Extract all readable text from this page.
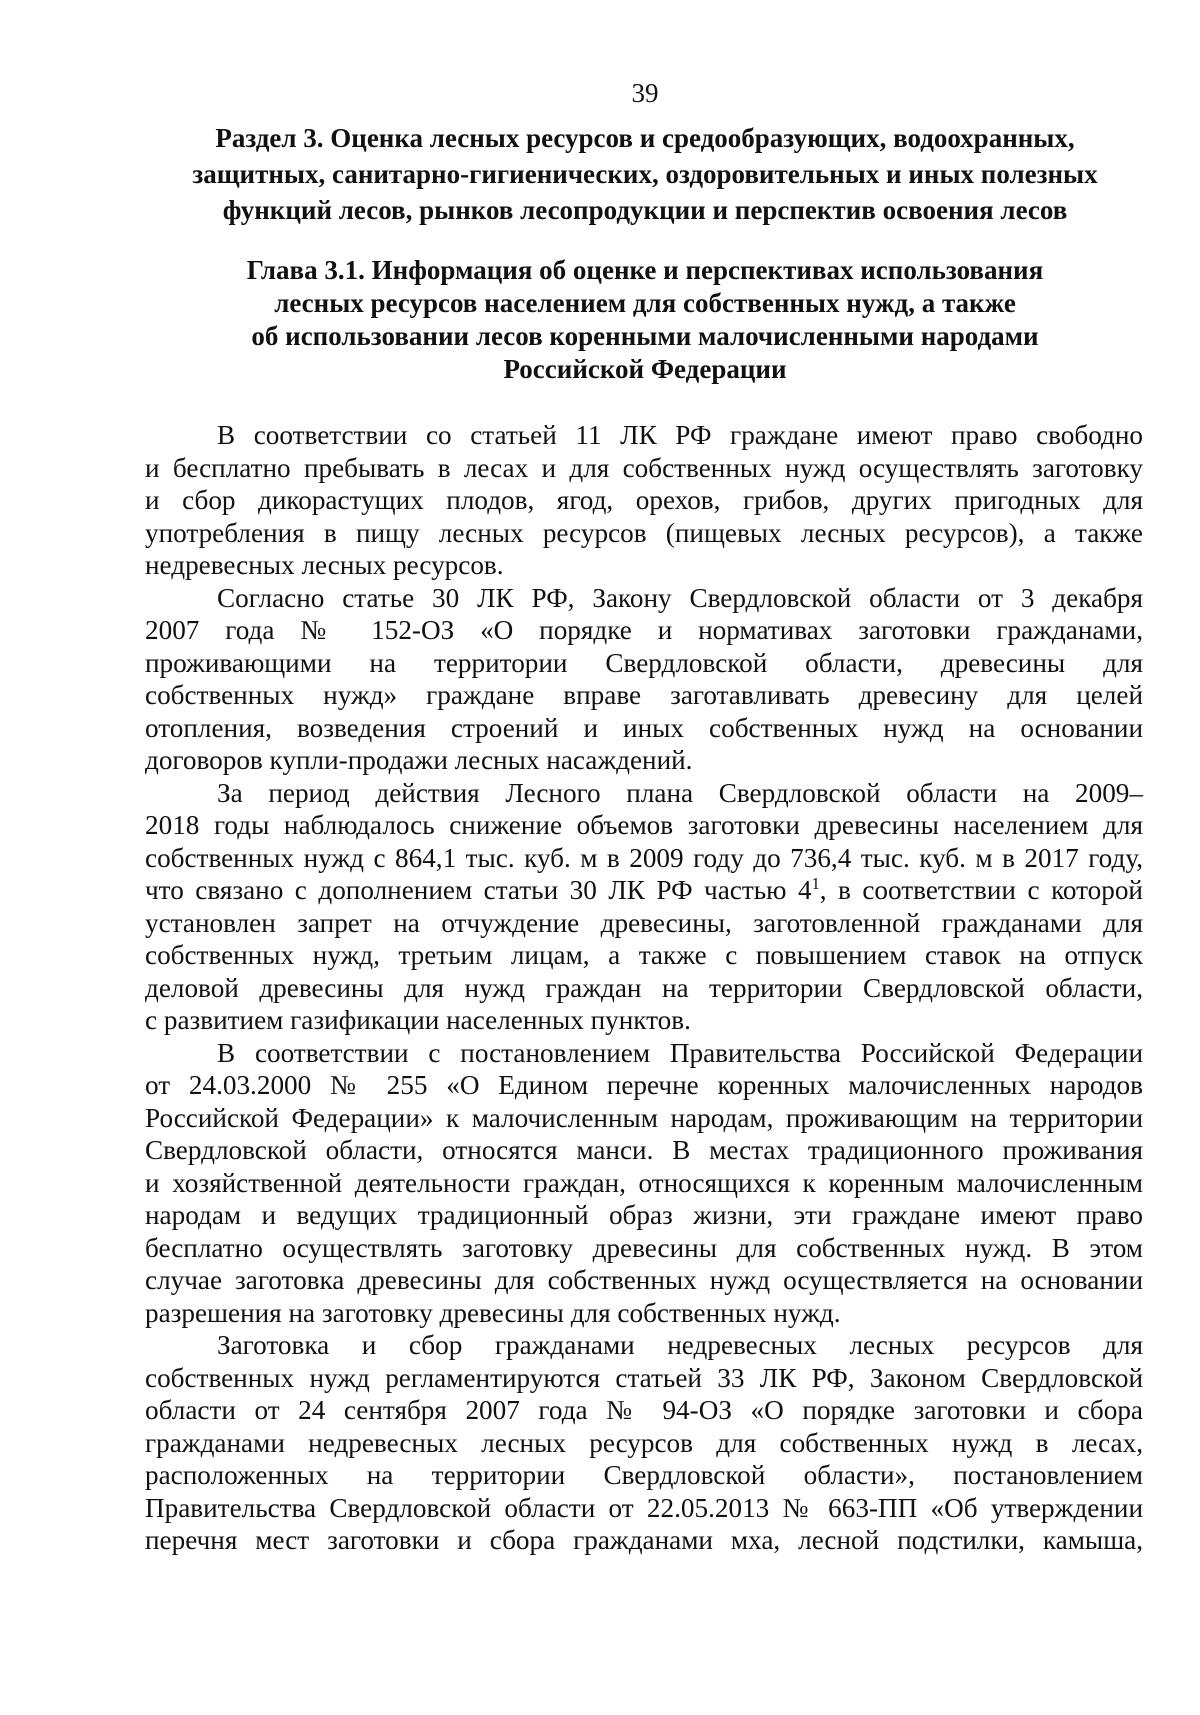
39
Раздел 3. Оценка лесных ресурсов и средообразующих, водоохранных,
защитных, санитарно-гигиенических, оздоровительных и иных полезных
функций лесов, рынков лесопродукции и перспектив освоения лесов
Глава 3.1. Информация об оценке и перспективах использования
лесных ресурсов населением для собственных нужд, а также
об использовании лесов коренными малочисленными народами
Российской Федерации
В соответствии со статьей 11 ЛК РФ граждане имеют право свободно
и бесплатно пребывать в лесах и для собственных нужд осуществлять заготовку
и сбор дикорастущих плодов, ягод, орехов, грибов, других пригодных для
употребления в пищу лесных ресурсов (пищевых лесных ресурсов), а также
недревесных лесных ресурсов.
Согласно статье 30 ЛК РФ, Закону Свердловской области от 3 декабря
2007 года № 152-ОЗ «О порядке и нормативах заготовки гражданами,
проживающими на территории Свердловской области, древесины для
собственных нужд» граждане вправе заготавливать древесину для целей
отопления, возведения строений и иных собственных нужд на основании
договоров купли-продажи лесных насаждений.
За период действия Лесного плана Свердловской области на 2009–
2018 годы наблюдалось снижение объемов заготовки древесины населением для
собственных нужд с 864,1 тыс. куб. м в 2009 году до 736,4 тыс. куб. м в 2017 году,
что связано с дополнением статьи 30 ЛК РФ частью $4^1$, в соответствии с которой
установлен запрет на отчуждение древесины, заготовленной гражданами для
собственных нужд, третьим лицам, а также с повышением ставок на отпуск
деловой древесины для нужд граждан на территории Свердловской области,
с развитием газификации населенных пунктов.
В соответствии с постановлением Правительства Российской Федерации
от 24.03.2000 № 255 «О Едином перечне коренных малочисленных народов
Российской Федерации» к малочисленным народам, проживающим на территории
Свердловской области, относятся манси. В местах традиционного проживания
и хозяйственной деятельности граждан, относящихся к коренным малочисленным
народам и ведущих традиционный образ жизни, эти граждане имеют право
бесплатно осуществлять заготовку древесины для собственных нужд. В этом
случае заготовка древесины для собственных нужд осуществляется на основании
разрешения на заготовку древесины для собственных нужд.
Заготовка и сбор гражданами недревесных лесных ресурсов для
собственных нужд регламентируются статьей 33 ЛК РФ, Законом Свердловской
области от 24 сентября 2007 года № 94-ОЗ «О порядке заготовки и сбора
гражданами недревесных лесных ресурсов для собственных нужд в лесах,
расположенных на территории Свердловской области», постановлением
Правительства Свердловской области от 22.05.2013 № 663-ПП «Об утверждении
перечня мест заготовки и сбора гражданами мха, лесной подстилки, камыша,
